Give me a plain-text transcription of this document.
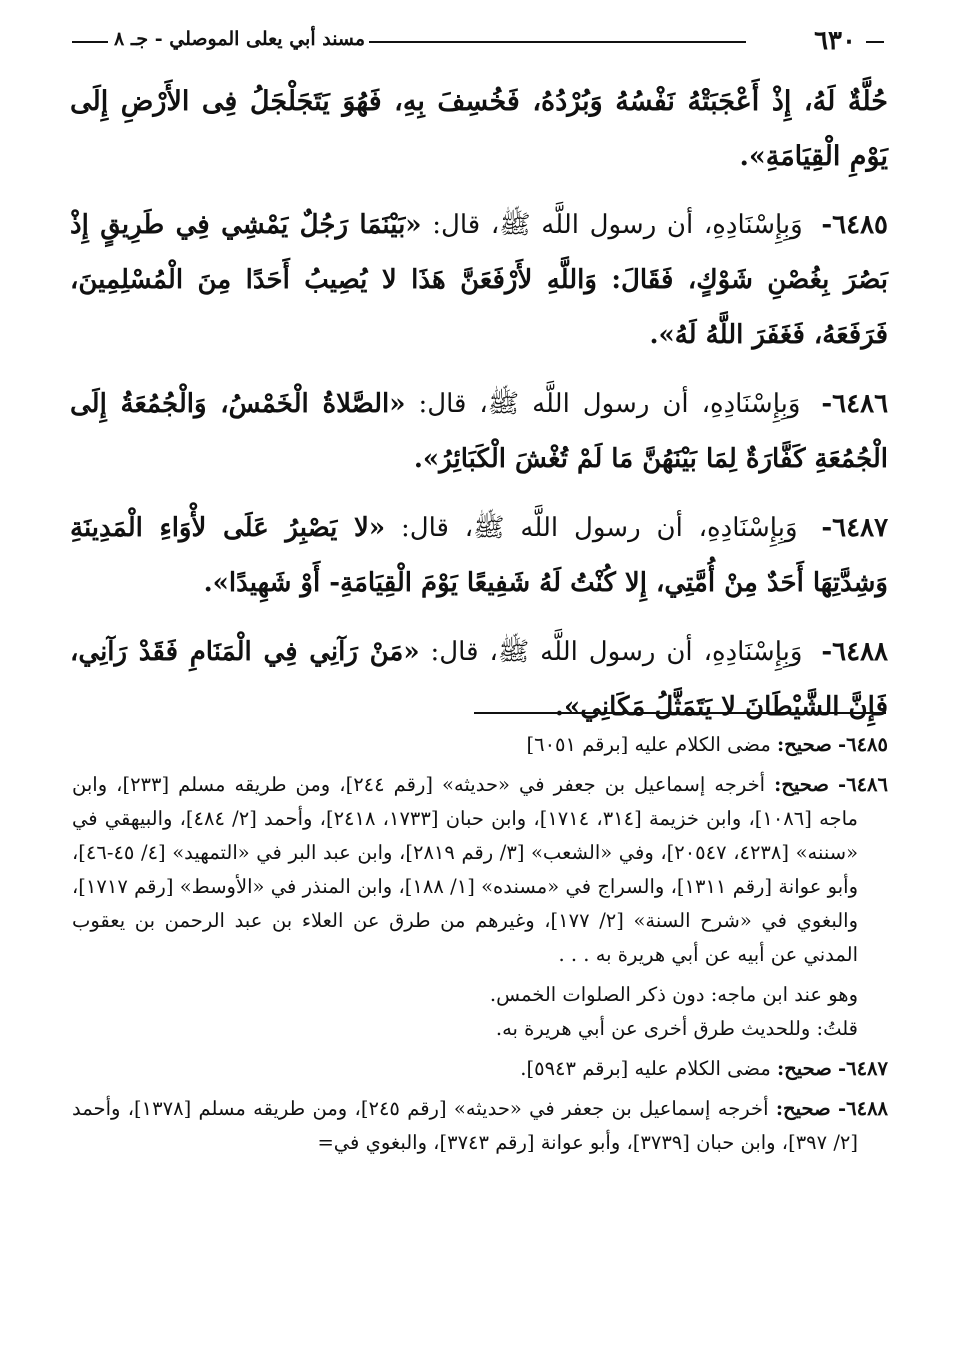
٦٣٠
مسند أبي يعلى الموصلي - جـ ٨

حُلَّةٌ لَهُ، إِذْ أَعْجَبَتْهُ نَفْسُهُ وَبُرْدُهُ، فَخُسِفَ بِهِ، فَهُوَ يَتَجَلْجَلُ فِى الأَرْضِ إِلَى يَوْمِ الْقِيَامَةِ».

٦٤٨٥- وَبِإِسْنَادِهِ، أن رسول اللَّه ﷺ، قال: «بَيْنَمَا رَجُلٌ يَمْشِي فِي طَرِيقٍ إِذْ بَصُرَ بِغُصْنِ شَوْكٍ، فَقَالَ: وَاللَّهِ لأَرْفَعَنَّ هَذَا لا يُصِيبُ أَحَدًا مِنَ الْمُسْلِمِينَ، فَرَفَعَهُ، فَغَفَرَ اللَّهُ لَهُ».

٦٤٨٦- وَبِإِسْنَادِهِ، أن رسول اللَّه ﷺ، قال: «الصَّلاةُ الْخَمْسُ، وَالْجُمُعَةُ إِلَى الْجُمُعَةِ كَفَّارَةٌ لِمَا بَيْنَهُنَّ مَا لَمْ تُغْشَ الْكَبَائِرُ».

٦٤٨٧- وَبِإِسْنَادِهِ، أن رسول اللَّه ﷺ، قال: «لا يَصْبِرُ عَلَى لأْوَاءِ الْمَدِينَةِ وَشِدَّتِهَا أَحَدٌ مِنْ أُمَّتِي، إِلا كُنْتُ لَهُ شَفِيعًا يَوْمَ الْقِيَامَةِ- أَوْ شَهِيدًا».

٦٤٨٨- وَبِإِسْنَادِهِ، أن رسول اللَّه ﷺ، قال: «مَنْ رَآنِي فِي الْمَنَامِ فَقَدْ رَآنِي، فَإِنَّ الشَّيْطَانَ لا يَتَمَثَّلُ مَكَانِي».

٦٤٨٥- صحيح: مضى الكلام عليه [برقم ٦٠٥١]

٦٤٨٦- صحيح: أخرجه إسماعيل بن جعفر في «حديثه» [رقم ٢٤٤]، ومن طريقه مسلم [٢٣٣]، وابن ماجه [١٠٨٦]، وابن خزيمة [٣١٤، ١٧١٤]، وابن حبان [١٧٣٣، ٢٤١٨]، وأحمد [٢/ ٤٨٤]، والبيهقي في «سننه» [٤٢٣٨، ٢٠٥٤٧]، وفي «الشعب» [٣/ رقم ٢٨١٩]، وابن عبد البر في «التمهيد» [٤/ ٤٥-٤٦]، وأبو عوانة [رقم ١٣١١]، والسراج في «مسنده» [١/ ١٨٨]، وابن المنذر في «الأوسط» [رقم ١٧١٧]، والبغوي في «شرح السنة» [٢/ ١٧٧]، وغيرهم من طرق عن العلاء بن عبد الرحمن بن يعقوب المدني عن أبيه عن أبي هريرة به . . .

وهو عند ابن ماجه: دون ذكر الصلوات الخمس.

قلتُ: وللحديث طرق أخرى عن أبي هريرة به.

٦٤٨٧- صحيح: مضى الكلام عليه [برقم ٥٩٤٣].

٦٤٨٨- صحيح: أخرجه إسماعيل بن جعفر في «حديثه» [رقم ٢٤٥]، ومن طريقه مسلم [١٣٧٨]، وأحمد [٢/ ٣٩٧]، وابن حبان [٣٧٣٩]، وأبو عوانة [رقم ٣٧٤٣]، والبغوي في=
